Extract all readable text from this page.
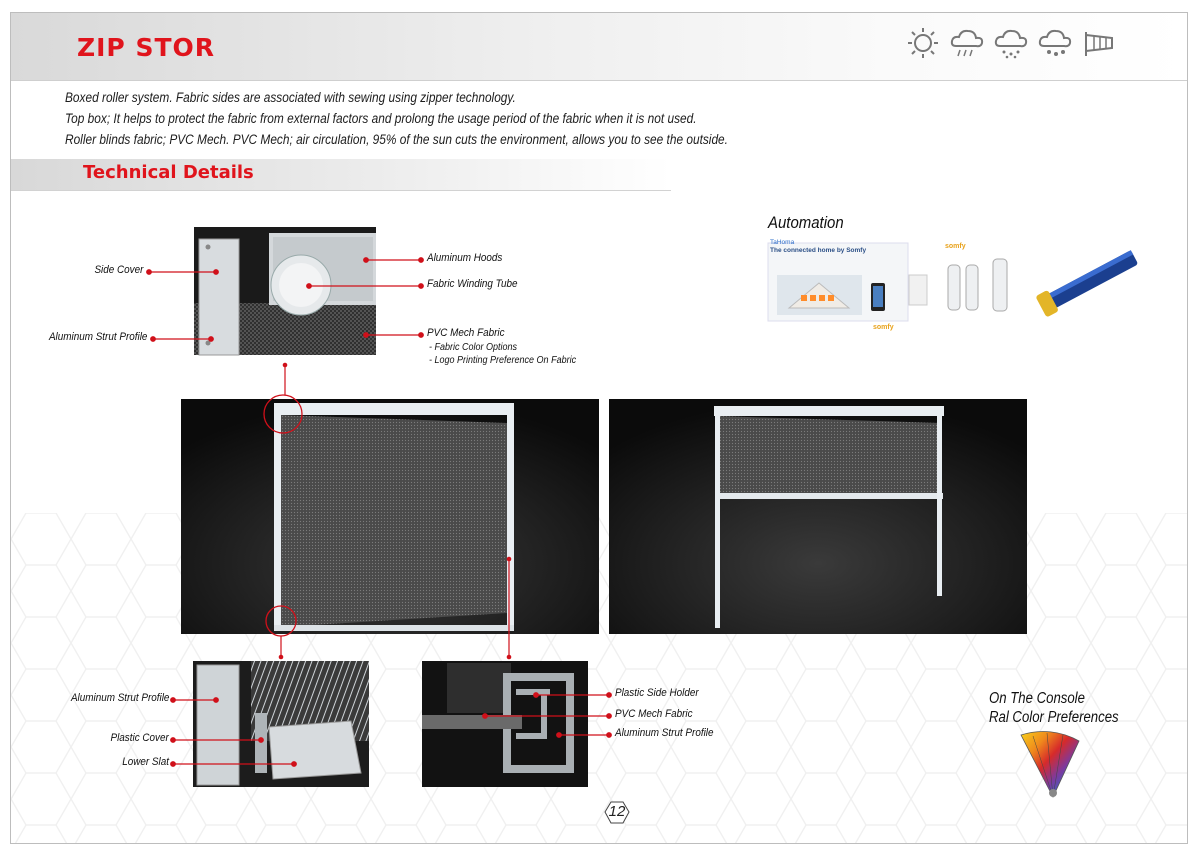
ZIP STOR
Boxed roller system. Fabric sides are associated with sewing using zipper technology.
Top box; It helps to protect the fabric from external factors and prolong the usage period of the fabric when it is not used.
Roller blinds fabric; PVC Mech. PVC Mech; air circulation, 95% of the sun cuts the environment, allows you to see the outside.
Technical Details
Side Cover
Aluminum Strut Profile
Aluminum Hoods
Fabric Winding Tube
PVC Mech Fabric
- Fabric Color Options
- Logo Printing Preference On Fabric
Automation
TaHoma
The connected home by Somfy
somfy
somfy
Aluminum Strut Profile
Plastic Cover
Lower Slat
Plastic Side Holder
PVC Mech Fabric
Aluminum Strut Profile
On The Console
Ral Color Preferences
12
